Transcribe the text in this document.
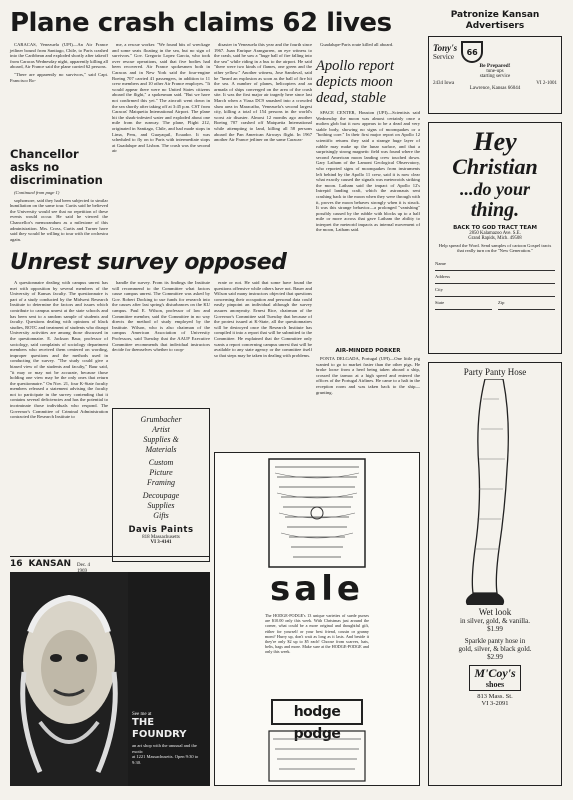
Plane crash claims 62 lives

CARACAS, Venezuela (UPI)—An Air France jetliner bound from Santiago, Chile, to Paris crashed into the Caribbean and exploded shortly after takeoff from Caracas Wednesday night, apparently killing all aboard, Air France said the plane carried 62 persons.

"There are apparently no survivors," said Capt. Francisco Ro-

me, a rescue worker. "We found bits of wreckage and some seats floating in the sea, but no sign of survivors." Gov. Gregorio Lopez Garcia, who took over rescue operations, said that five bodies had been recovered. Air France spokesmen both in Caracas and in New York said the four-engine Boeing 707 carried 41 passengers, in addition to 11 crew members and 10 other Air France employes. "It would appear there were no United States citizens aboard the flight," a spokesman said. "But we have not confirmed this yet." The aircraft went down in the sea shortly after taking off at 3:45 p.m. CST from Caracas' Maiquetia International Airport. The plane hit the shark-infested water and exploded about one mile from the runway. The plane, Flight 212, originated in Santiago, Chile, and had made stops in Lima, Peru, and Guayaquil, Ecuador. It was scheduled to fly on to Paris with intermediate stops at Guadalupe and Lisbon. The crash was the second air

disaster in Venezuela this year and the fourth since 1967. Juan Enrique Arangurren, an eye witness to the crash, said he saw a "huge ball of fire falling into the sea" while riding in a bus to the airport. He said "there were two kinds of flames, one green and the other yellow." Another witness, Jose Sandoval, said he "heard an explosion as soon as the ball of fire hit the sea. A number of planes, helicopters and an armada of ships converged on the area of the crash site. It was the first major air tragedy here since last March when a Viasa DC9 smashed into a crowded slum area in Maracaibo, Venezuela's second largest city, killing a total of 154 persons in the world's worst air disaster. Almost 12 months ago another Boeing 707 crashed off Maiquetia International while attempting to land, killing all 58 persons aboard the Pan American Airways flight. In 1967 another Air France jetliner on the same Caracas-

Guadalupe-Paris route killed all aboard.

Chancellor asks no discrimination

(Continued from page 1)

sophomore, said they had been subjected to similar humiliation on the same tour. Curtis said he believed the University would see that no repetition of these events would occur. He said he viewed the Chancellor's memorandum as a milestone of this administration. Mrs. Cross, Curtis and Turner have said they would be willing to tour with the orchestra again.

Apollo report depicts moon dead, stable

SPACE CENTER, Houston (UPI)—Scientists said Wednesday the moon was almost certainly once a molten glob but it now appears to be a dead and very stable body, showing no signs of moonquakes or a "bothing core." In their first major report on Apollo 12 scientific returns they said a strange huge layer of rubble may make up the lunar surface, and that a surprisingly strong magnetic field was found where the second American moon landing crew touched down. Gary Latham of the Lamont Geological Observatory, who reported signs of moonquakes from instruments left behind by the Apollo 11 crew, said it is now clear what exactly caused the signals was meteoroids striking the moon. Latham said the impact of Apollo 12's Intrepid landing craft, which the astronauts sent crashing back to the moon when they were through with it, proves the moon behaves strongly when it is struck. It was this strange behavior—a prolonged "vanishing" possibly caused by the rubble with blocks up to a half mile or more across that gave Latham the ability to interpret the meteorid impacts as internal movement of the moon, Latham said.

Unrest survey opposed

A questionnaire dealing with campus unrest has met with opposition by several members of the University of Kansas faculty. The questionnaire is part of a study conducted by the Midwest Research Institute to determine the factors and issues which contribute to campus unrest at the state schools and has been sent to a random sample of students and faculty. Questions dealing with opinions of black studies, ROTC and treatment of students who disrupt University activities are among those discussed in the questionnaire. E. Jackson Baur, professor of sociology, said complaints of sociology department members who received them centered on wording, improper questions and the methods used in conducting the survey. "The study could give a biased view of the students and faculty," Baur said, "it may or may not be accurate, because those holding one view may be the only ones that return the questionnaire." On Nov. 21, four K-State faculty members released a statement advising the faculty not to participate in the survey contending that it contains several deficiencies and has the potential to incriminate those individuals who respond. The Governor's Committee of Criminal Administration contracted the Research Institute to

handle the survey. From its findings the Institute will recommend to the Committee what factors cause campus unrest. The Committee was asked by Gov. Robert Docking to use funds for research into the causes after last spring's disturbances on the KU campus. Paul E. Wilson, professor of law and Committee member, said the Committee in no way directs the method of study employed by the Institute. Wilson, who is also chairman of the campus American Association of University Professors, said Tuesday that the AAUP Executive Committee recommends that individual instructors decide for themselves whether to coop-

erate or not. He said that some have found the questions offensive while others have not. Bauer and Wilson said many instructors objected that questions concerning their occupation and personal data could easily pinpoint an individual although the survey assures anonymity. Ernest Rice, chairman of the Governor's Committee said Tuesday that because of the protest issued at K-State, all the questionnaires will be destroyed once the Research Institute has compiled it into a report that will be submitted to the Committee. He explained that the Committee only wants a report concerning campus unrest that will be available to any state agency or the committee itself so that steps may be taken in dealing with problems.

AIR-MINDED PORKER

PONTA DELGADA, Portugal (UPI)—One little pig wanted to go to market faster than the other pigs. He broke loose from a herd being taken aboard a ship, crossed the tarmac at a high speed and entered the offices of the Portugal Airlines. He came to a halt in the reception room and was taken back to the ship—grunting.

Grumbacher
Artist
Supplies &
Materials
Custom
Picture
Framing
Decoupage
Supplies
Gifts
Davis Paints
818 Massachusetts
VI 3-4141
16 KANSAN Dec. 4
See me at
THE FOUNDRY
an art shop with the unusual and the exotic
at 1221 Massachusetts. Open 9:30 to 9:30.
sale
The HODGE-PODGE's 13 unique varieties of suede purses are $10.00 only this week. With Christmas just around the corner, what could be a more original and thoughtful gift, either for yourself or your best friend, cousin or granny mom? Hurry up, don't wait as long as it lasts. And beside it they're only $2 up to $5 each! Choose from scarves, hats, belts, bags and more. Make sure at the HODGE-PODGE and only this week.
hodge podge
Patronize Kansan Advertisers
Tony's
Service
66
Be Prepared!
tune-ups
starting service
2434 Iowa	VI 2-1001
Lawrence, Kansas 66044
Hey
Christian
...do your
thing.
BACK TO GOD TRACT TEAM
2850 Kalamazoo Ave. S.E.
Grand Rapids, Mich. 49508
Help spread the Word. Send samples of cartoon Gospel tracts that really turn on the "New Generation."
Name
Address
City
State	Zip
Party Panty Hose
Wet look
in silver, gold, & vanilla.
$1.99
Sparkle panty hose in
gold, silver, & black gold.
$2.99
M'Coy's
shoes
813 Mass. St.
VI 3-2091
